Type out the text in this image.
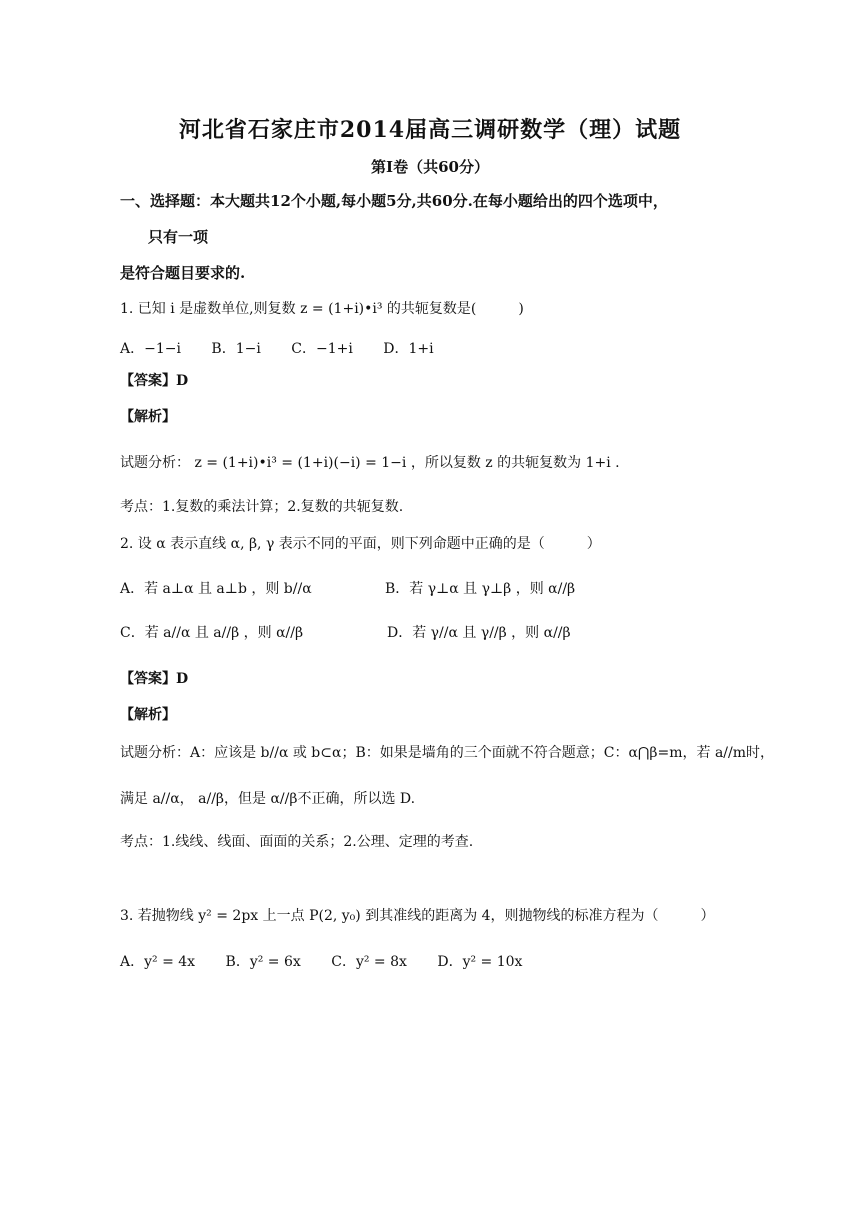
河北省石家庄市2014届高三调研数学（理）试题
第Ⅰ卷（共60分）
一、选择题：本大题共12个小题,每小题5分,共60分.在每小题给出的四个选项中，
只有一项
是符合题目要求的.
1. 已知 i 是虚数单位,则复数 z = (1+i)•i³ 的共轭复数是(　　　)
A．−1−i B．1−i C．−1+i D．1+i
【答案】D
【解析】
试题分析： z = (1+i)•i³ = (1+i)(−i) = 1−i ，所以复数 z 的共轭复数为 1+i .
考点：1.复数的乘法计算；2.复数的共轭复数.
2. 设 α 表示直线 α, β, γ 表示不同的平面，则下列命题中正确的是（　　　）
A．若 a⊥α 且 a⊥b ，则 b//α	B．若 γ⊥α 且 γ⊥β ，则 α//β
C．若 a//α 且 a//β ，则 α//β	D．若 γ//α 且 γ//β ，则 α//β
【答案】D
【解析】
试题分析：A：应该是 b//α 或 b⊂α；B：如果是墙角的三个面就不符合题意；C：α⋂β=m，若 a//m时，
满足 a//α， a//β，但是 α//β不正确，所以选 D.
考点：1.线线、线面、面面的关系；2.公理、定理的考查.
3. 若抛物线 y² = 2px 上一点 P(2, y₀) 到其准线的距离为 4，则抛物线的标准方程为（　　　）
A．y² = 4x B．y² = 6x C．y² = 8x D．y² = 10x
